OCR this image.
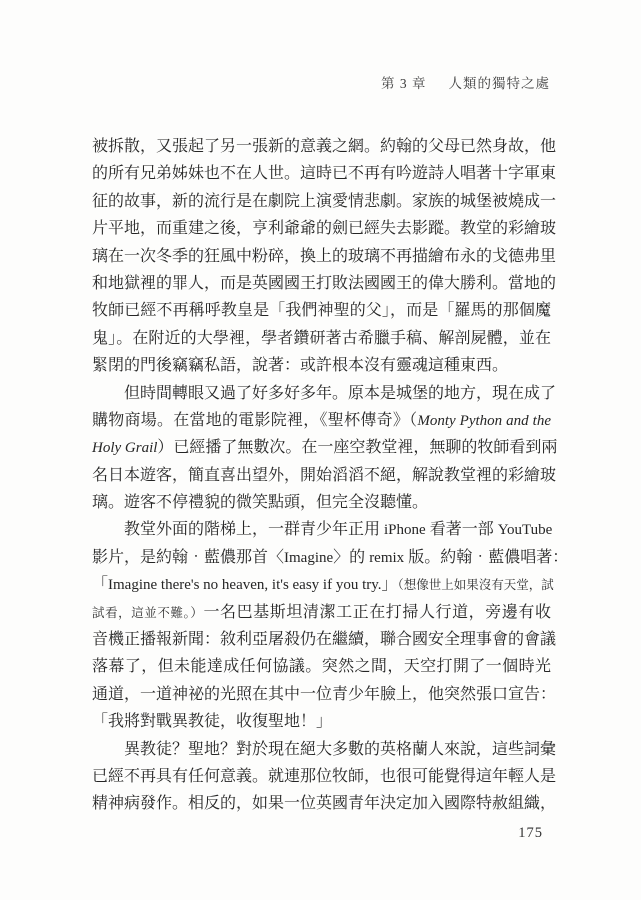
第 3 章 人類的獨特之處
被拆散，又張起了另一張新的意義之網。約翰的父母已然身故，他
的所有兄弟姊妹也不在人世。這時已不再有吟遊詩人唱著十字軍東
征的故事，新的流行是在劇院上演愛情悲劇。家族的城堡被燒成一
片平地，而重建之後，亨利爺爺的劍已經失去影蹤。教堂的彩繪玻
璃在一次冬季的狂風中粉碎，換上的玻璃不再描繪布永的戈德弗里
和地獄裡的罪人，而是英國國王打敗法國國王的偉大勝利。當地的
牧師已經不再稱呼教皇是「我們神聖的父」，而是「羅馬的那個魔
鬼」。在附近的大學裡，學者鑽研著古希臘手稿、解剖屍體，並在
緊閉的門後竊竊私語，說著：或許根本沒有靈魂這種東西。
但時間轉眼又過了好多好多年。原本是城堡的地方，現在成了
購物商場。在當地的電影院裡，《聖杯傳奇》（Monty Python and the
Holy Grail）已經播了無數次。在一座空教堂裡，無聊的牧師看到兩
名日本遊客，簡直喜出望外，開始滔滔不絕，解說教堂裡的彩繪玻
璃。遊客不停禮貌的微笑點頭，但完全沒聽懂。
教堂外面的階梯上，一群青少年正用 iPhone 看著一部 YouTube
影片，是約翰‧藍儂那首〈Imagine〉的 remix 版。約翰‧藍儂唱著：
「Imagine there's no heaven, it's easy if you try.」（想像世上如果沒有天堂，試
試看，這並不難。）一名巴基斯坦清潔工正在打掃人行道，旁邊有收
音機正播報新聞：敘利亞屠殺仍在繼續，聯合國安全理事會的會議
落幕了，但未能達成任何協議。突然之間，天空打開了一個時光
通道，一道神祕的光照在其中一位青少年臉上，他突然張口宣告：
「我將對戰異教徒，收復聖地！」
異教徒？聖地？對於現在絕大多數的英格蘭人來說，這些詞彙
已經不再具有任何意義。就連那位牧師，也很可能覺得這年輕人是
精神病發作。相反的，如果一位英國青年決定加入國際特赦組織，
175
